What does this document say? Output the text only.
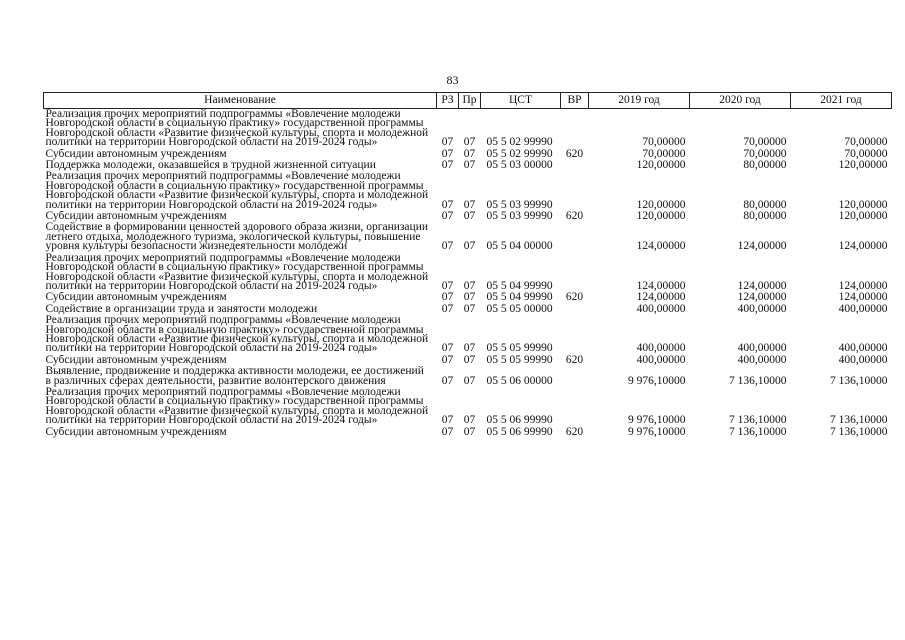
83
Наименование	РЗ	Пр	ЦСТ	ВР	2019 год	2020 год	2021 год
Реализация прочих мероприятий подпрограммы «Вовлечение молодежи Новгородской области в социальную практику» государственной программы Новгородской области «Развитие физической культуры, спорта и молодежной политики на территории Новгородской области на 2019-2024 годы»	07	07	05 5 02 99990		70,00000	70,00000	70,00000
Субсидии автономным учреждениям	07	07	05 5 02 99990	620	70,00000	70,00000	70,00000
Поддержка молодежи, оказавшейся в трудной жизненной ситуации	07	07	05 5 03 00000		120,00000	80,00000	120,00000
Реализация прочих мероприятий подпрограммы «Вовлечение молодежи Новгородской области в социальную практику» государственной программы Новгородской области «Развитие физической культуры, спорта и молодежной политики на территории Новгородской области на 2019-2024 годы»	07	07	05 5 03 99990		120,00000	80,00000	120,00000
Субсидии автономным учреждениям	07	07	05 5 03 99990	620	120,00000	80,00000	120,00000
Содействие в формировании ценностей здорового образа жизни, организации летнего отдыха, молодежного туризма, экологической культуры, повышение уровня культуры безопасности жизнедеятельности молодежи	07	07	05 5 04 00000		124,00000	124,00000	124,00000
Реализация прочих мероприятий подпрограммы «Вовлечение молодежи Новгородской области в социальную практику» государственной программы Новгородской области «Развитие физической культуры, спорта и молодежной политики на территории Новгородской области на 2019-2024 годы»	07	07	05 5 04 99990		124,00000	124,00000	124,00000
Субсидии автономным учреждениям	07	07	05 5 04 99990	620	124,00000	124,00000	124,00000
Содействие в организации труда и занятости молодежи	07	07	05 5 05 00000		400,00000	400,00000	400,00000
Реализация прочих мероприятий подпрограммы «Вовлечение молодежи Новгородской области в социальную практику» государственной программы Новгородской области «Развитие физической культуры, спорта и молодежной политики на территории Новгородской области на 2019-2024 годы»	07	07	05 5 05 99990		400,00000	400,00000	400,00000
Субсидии автономным учреждениям	07	07	05 5 05 99990	620	400,00000	400,00000	400,00000
Выявление, продвижение и поддержка активности молодежи, ее достижений в различных сферах деятельности, развитие волонтерского движения	07	07	05 5 06 00000		9 976,10000	7 136,10000	7 136,10000
Реализация прочих мероприятий подпрограммы «Вовлечение молодежи Новгородской области в социальную практику» государственной программы Новгородской области «Развитие физической культуры, спорта и молодежной политики на территории Новгородской области на 2019-2024 годы»	07	07	05 5 06 99990		9 976,10000	7 136,10000	7 136,10000
Субсидии автономным учреждениям	07	07	05 5 06 99990	620	9 976,10000	7 136,10000	7 136,10000
